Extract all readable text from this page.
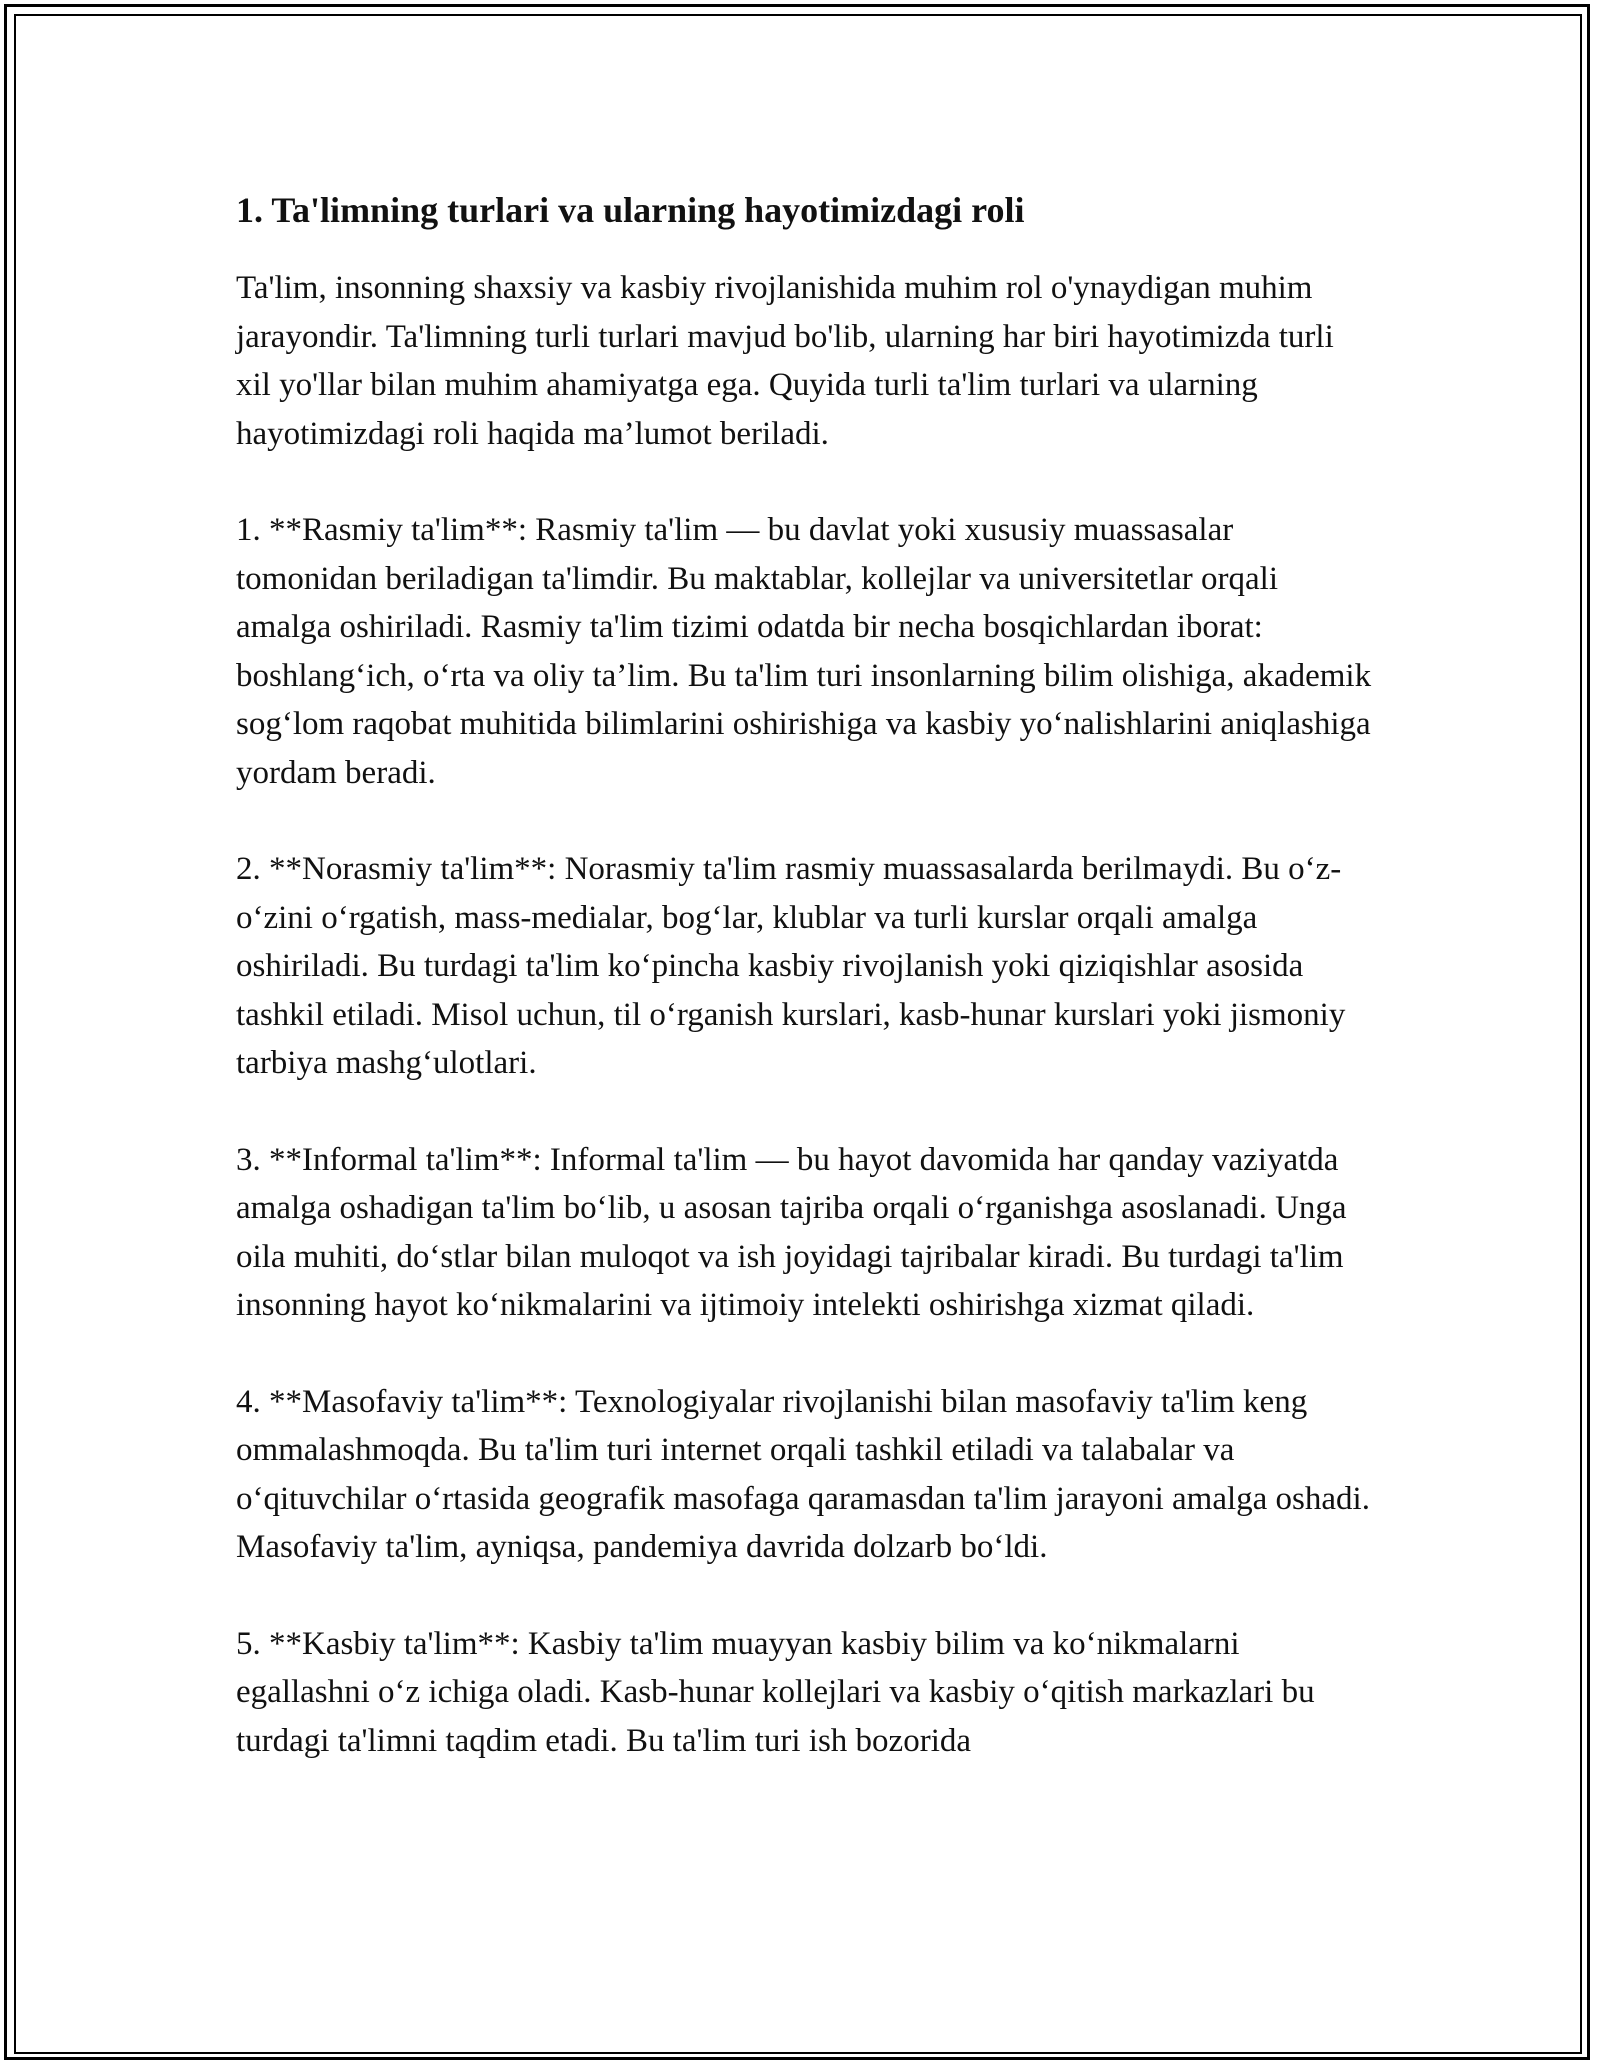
1. Ta'limning turlari va ularning hayotimizdagi roli

Ta'lim, insonning shaxsiy va kasbiy rivojlanishida muhim rol o'ynaydigan muhim jarayondir. Ta'limning turli turlari mavjud bo'lib, ularning har biri hayotimizda turli xil yo'llar bilan muhim ahamiyatga ega. Quyida turli ta'lim turlari va ularning hayotimizdagi roli haqida ma’lumot beriladi.

1. **Rasmiy ta'lim**: Rasmiy ta'lim — bu davlat yoki xususiy muassasalar tomonidan beriladigan ta'limdir. Bu maktablar, kollejlar va universitetlar orqali amalga oshiriladi. Rasmiy ta'lim tizimi odatda bir necha bosqichlardan iborat: boshlang‘ich, o‘rta va oliy ta’lim. Bu ta'lim turi insonlarning bilim olishiga, akademik sog‘lom raqobat muhitida bilimlarini oshirishiga va kasbiy yo‘nalishlarini aniqlashiga yordam beradi.

2. **Norasmiy ta'lim**: Norasmiy ta'lim rasmiy muassasalarda berilmaydi. Bu o‘z-o‘zini o‘rgatish, mass-medialar, bog‘lar, klublar va turli kurslar orqali amalga oshiriladi. Bu turdagi ta'lim ko‘pincha kasbiy rivojlanish yoki qiziqishlar asosida tashkil etiladi. Misol uchun, til o‘rganish kurslari, kasb-hunar kurslari yoki jismoniy tarbiya mashg‘ulotlari.

3. **Informal ta'lim**: Informal ta'lim — bu hayot davomida har qanday vaziyatda amalga oshadigan ta'lim bo‘lib, u asosan tajriba orqali o‘rganishga asoslanadi. Unga oila muhiti, do‘stlar bilan muloqot va ish joyidagi tajribalar kiradi. Bu turdagi ta'lim insonning hayot ko‘nikmalarini va ijtimoiy intelekti oshirishga xizmat qiladi.

4. **Masofaviy ta'lim**: Texnologiyalar rivojlanishi bilan masofaviy ta'lim keng ommalashmoqda. Bu ta'lim turi internet orqali tashkil etiladi va talabalar va o‘qituvchilar o‘rtasida geografik masofaga qaramasdan ta'lim jarayoni amalga oshadi. Masofaviy ta'lim, ayniqsa, pandemiya davrida dolzarb bo‘ldi.

5. **Kasbiy ta'lim**: Kasbiy ta'lim muayyan kasbiy bilim va ko‘nikmalarni egallashni o‘z ichiga oladi. Kasb-hunar kollejlari va kasbiy o‘qitish markazlari bu turdagi ta'limni taqdim etadi. Bu ta'lim turi ish bozorida
